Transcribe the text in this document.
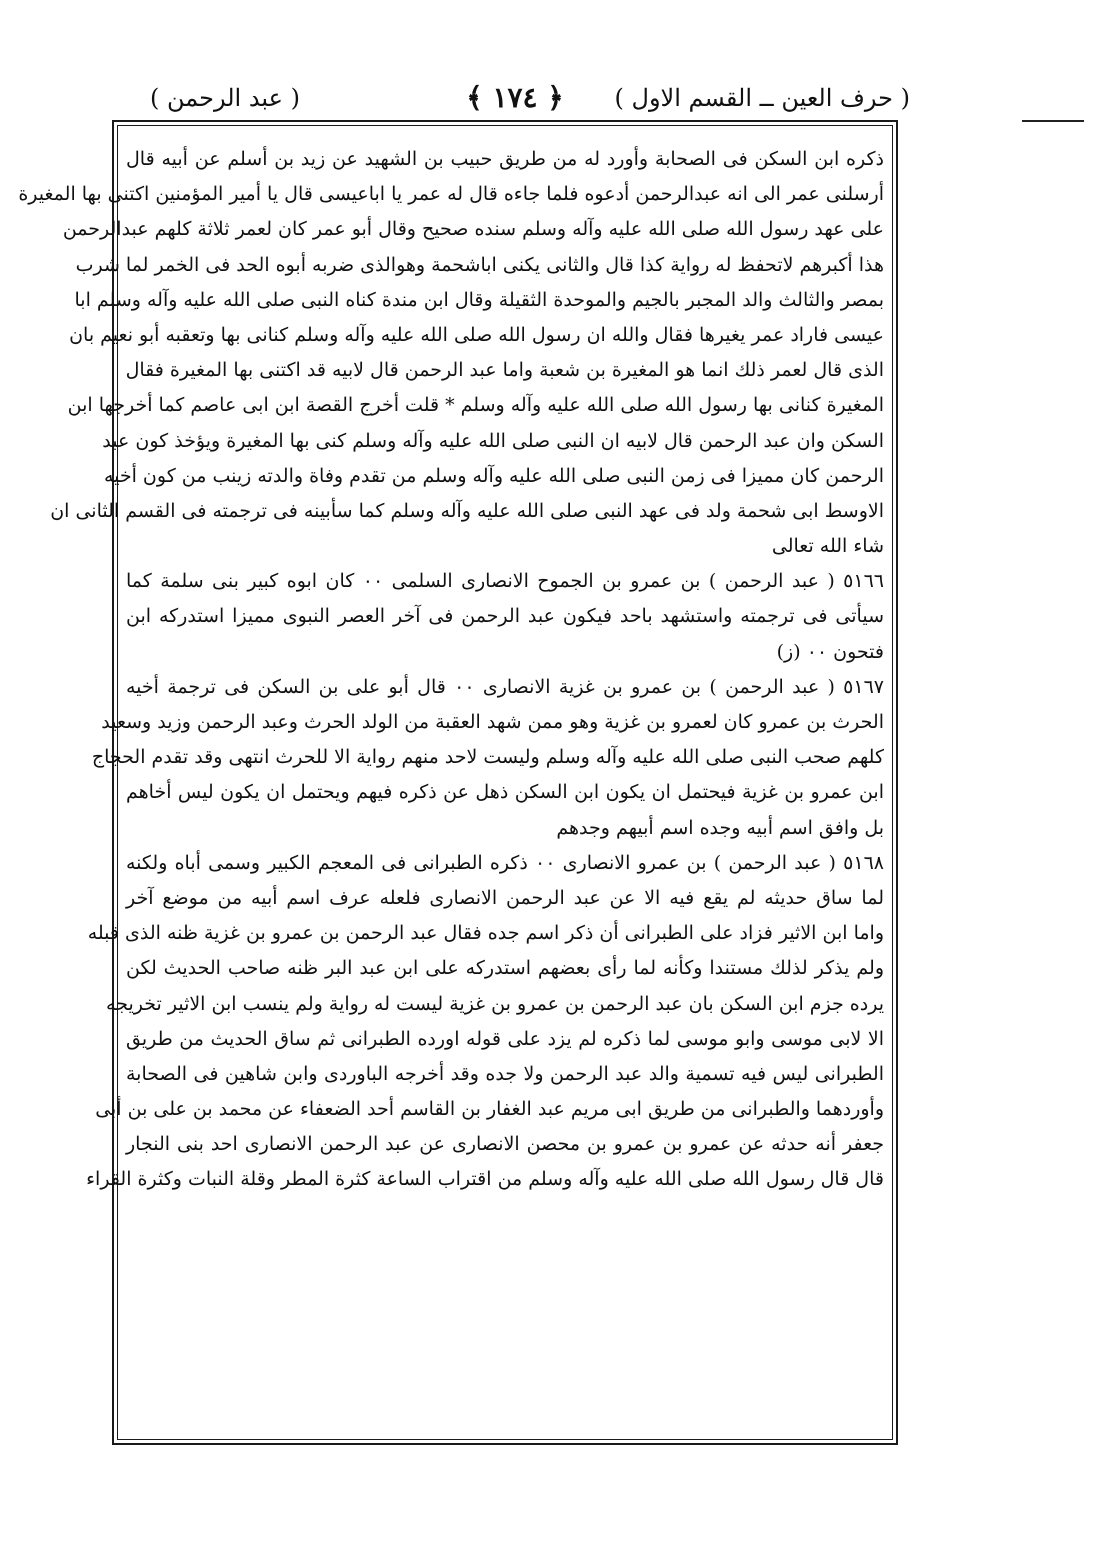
( حرف العين ــ القسم الاول )
﴿ ١٧٤ ﴾
( عبد الرحمن )
ذكره ابن السكن فى الصحابة وأورد له من طريق حبيب بن الشهيد عن زيد بن أسلم عن أبيه قال
أرسلنى عمر الى انه عبدالرحمن أدعوه فلما جاءه قال له عمر يا اباعيسى قال يا أمير المؤمنين اكتنى بها المغيرة
على عهد رسول الله صلى الله عليه وآله وسلم سنده صحيح وقال أبو عمر كان لعمر ثلاثة كلهم عبدالرحمن
هذا أكبرهم لاتحفظ له رواية كذا قال والثانى يكنى اباشحمة وهوالذى ضربه أبوه الحد فى الخمر لما شرب
بمصر والثالث والد المجبر بالجيم والموحدة الثقيلة وقال ابن مندة كناه النبى صلى الله عليه وآله وسلم ابا
عيسى فاراد عمر يغيرها فقال والله ان رسول الله صلى الله عليه وآله وسلم كنانى بها وتعقبه أبو نعيم بان
الذى قال لعمر ذلك انما هو المغيرة بن شعبة واما عبد الرحمن قال لابيه قد اكتنى بها المغيرة فقال
المغيرة كنانى بها رسول الله صلى الله عليه وآله وسلم * قلت أخرج القصة ابن ابى عاصم كما أخرجها ابن
السكن وان عبد الرحمن قال لابيه ان النبى صلى الله عليه وآله وسلم كنى بها المغيرة ويؤخذ كون عبد
الرحمن كان مميزا فى زمن النبى صلى الله عليه وآله وسلم من تقدم وفاة والدته زينب من كون أخيه
الاوسط ابى شحمة ولد فى عهد النبى صلى الله عليه وآله وسلم كما سأبينه فى ترجمته فى القسم الثانى ان
شاء الله تعالى
٥١٦٦ ( عبد الرحمن ) بن عمرو بن الجموح الانصارى السلمى ٠٠ كان ابوه كبير بنى سلمة كما
سيأتى فى ترجمته واستشهد باحد فيكون عبد الرحمن فى آخر العصر النبوى مميزا استدركه ابن
فتحون ٠٠ (ز)
٥١٦٧ ( عبد الرحمن ) بن عمرو بن غزية الانصارى ٠٠ قال أبو على بن السكن فى ترجمة أخيه
الحرث بن عمرو كان لعمرو بن غزية وهو ممن شهد العقبة من الولد الحرث وعبد الرحمن وزيد وسعيد
كلهم صحب النبى صلى الله عليه وآله وسلم وليست لاحد منهم رواية الا للحرث انتهى وقد تقدم الحجاج
ابن عمرو بن غزية فيحتمل ان يكون ابن السكن ذهل عن ذكره فيهم ويحتمل ان يكون ليس أخاهم
بل وافق اسم أبيه وجده اسم أبيهم وجدهم
٥١٦٨ ( عبد الرحمن ) بن عمرو الانصارى ٠٠ ذكره الطبرانى فى المعجم الكبير وسمى أباه ولكنه
لما ساق حديثه لم يقع فيه الا عن عبد الرحمن الانصارى فلعله عرف اسم أبيه من موضع آخر
واما ابن الاثير فزاد على الطبرانى أن ذكر اسم جده فقال عبد الرحمن بن عمرو بن غزية ظنه الذى قبله
ولم يذكر لذلك مستندا وكأنه لما رأى بعضهم استدركه على ابن عبد البر ظنه صاحب الحديث لكن
يرده جزم ابن السكن بان عبد الرحمن بن عمرو بن غزية ليست له رواية ولم ينسب ابن الاثير تخريجه
الا لابى موسى وابو موسى لما ذكره لم يزد على قوله اورده الطبرانى ثم ساق الحديث من طريق
الطبرانى ليس فيه تسمية والد عبد الرحمن ولا جده وقد أخرجه الباوردى وابن شاهين فى الصحابة
وأوردهما والطبرانى من طريق ابى مريم عبد الغفار بن القاسم أحد الضعفاء عن محمد بن على بن أبى
جعفر أنه حدثه عن عمرو بن عمرو بن محصن الانصارى عن عبد الرحمن الانصارى احد بنى النجار
قال قال رسول الله صلى الله عليه وآله وسلم من اقتراب الساعة كثرة المطر وقلة النبات وكثرة القراء
